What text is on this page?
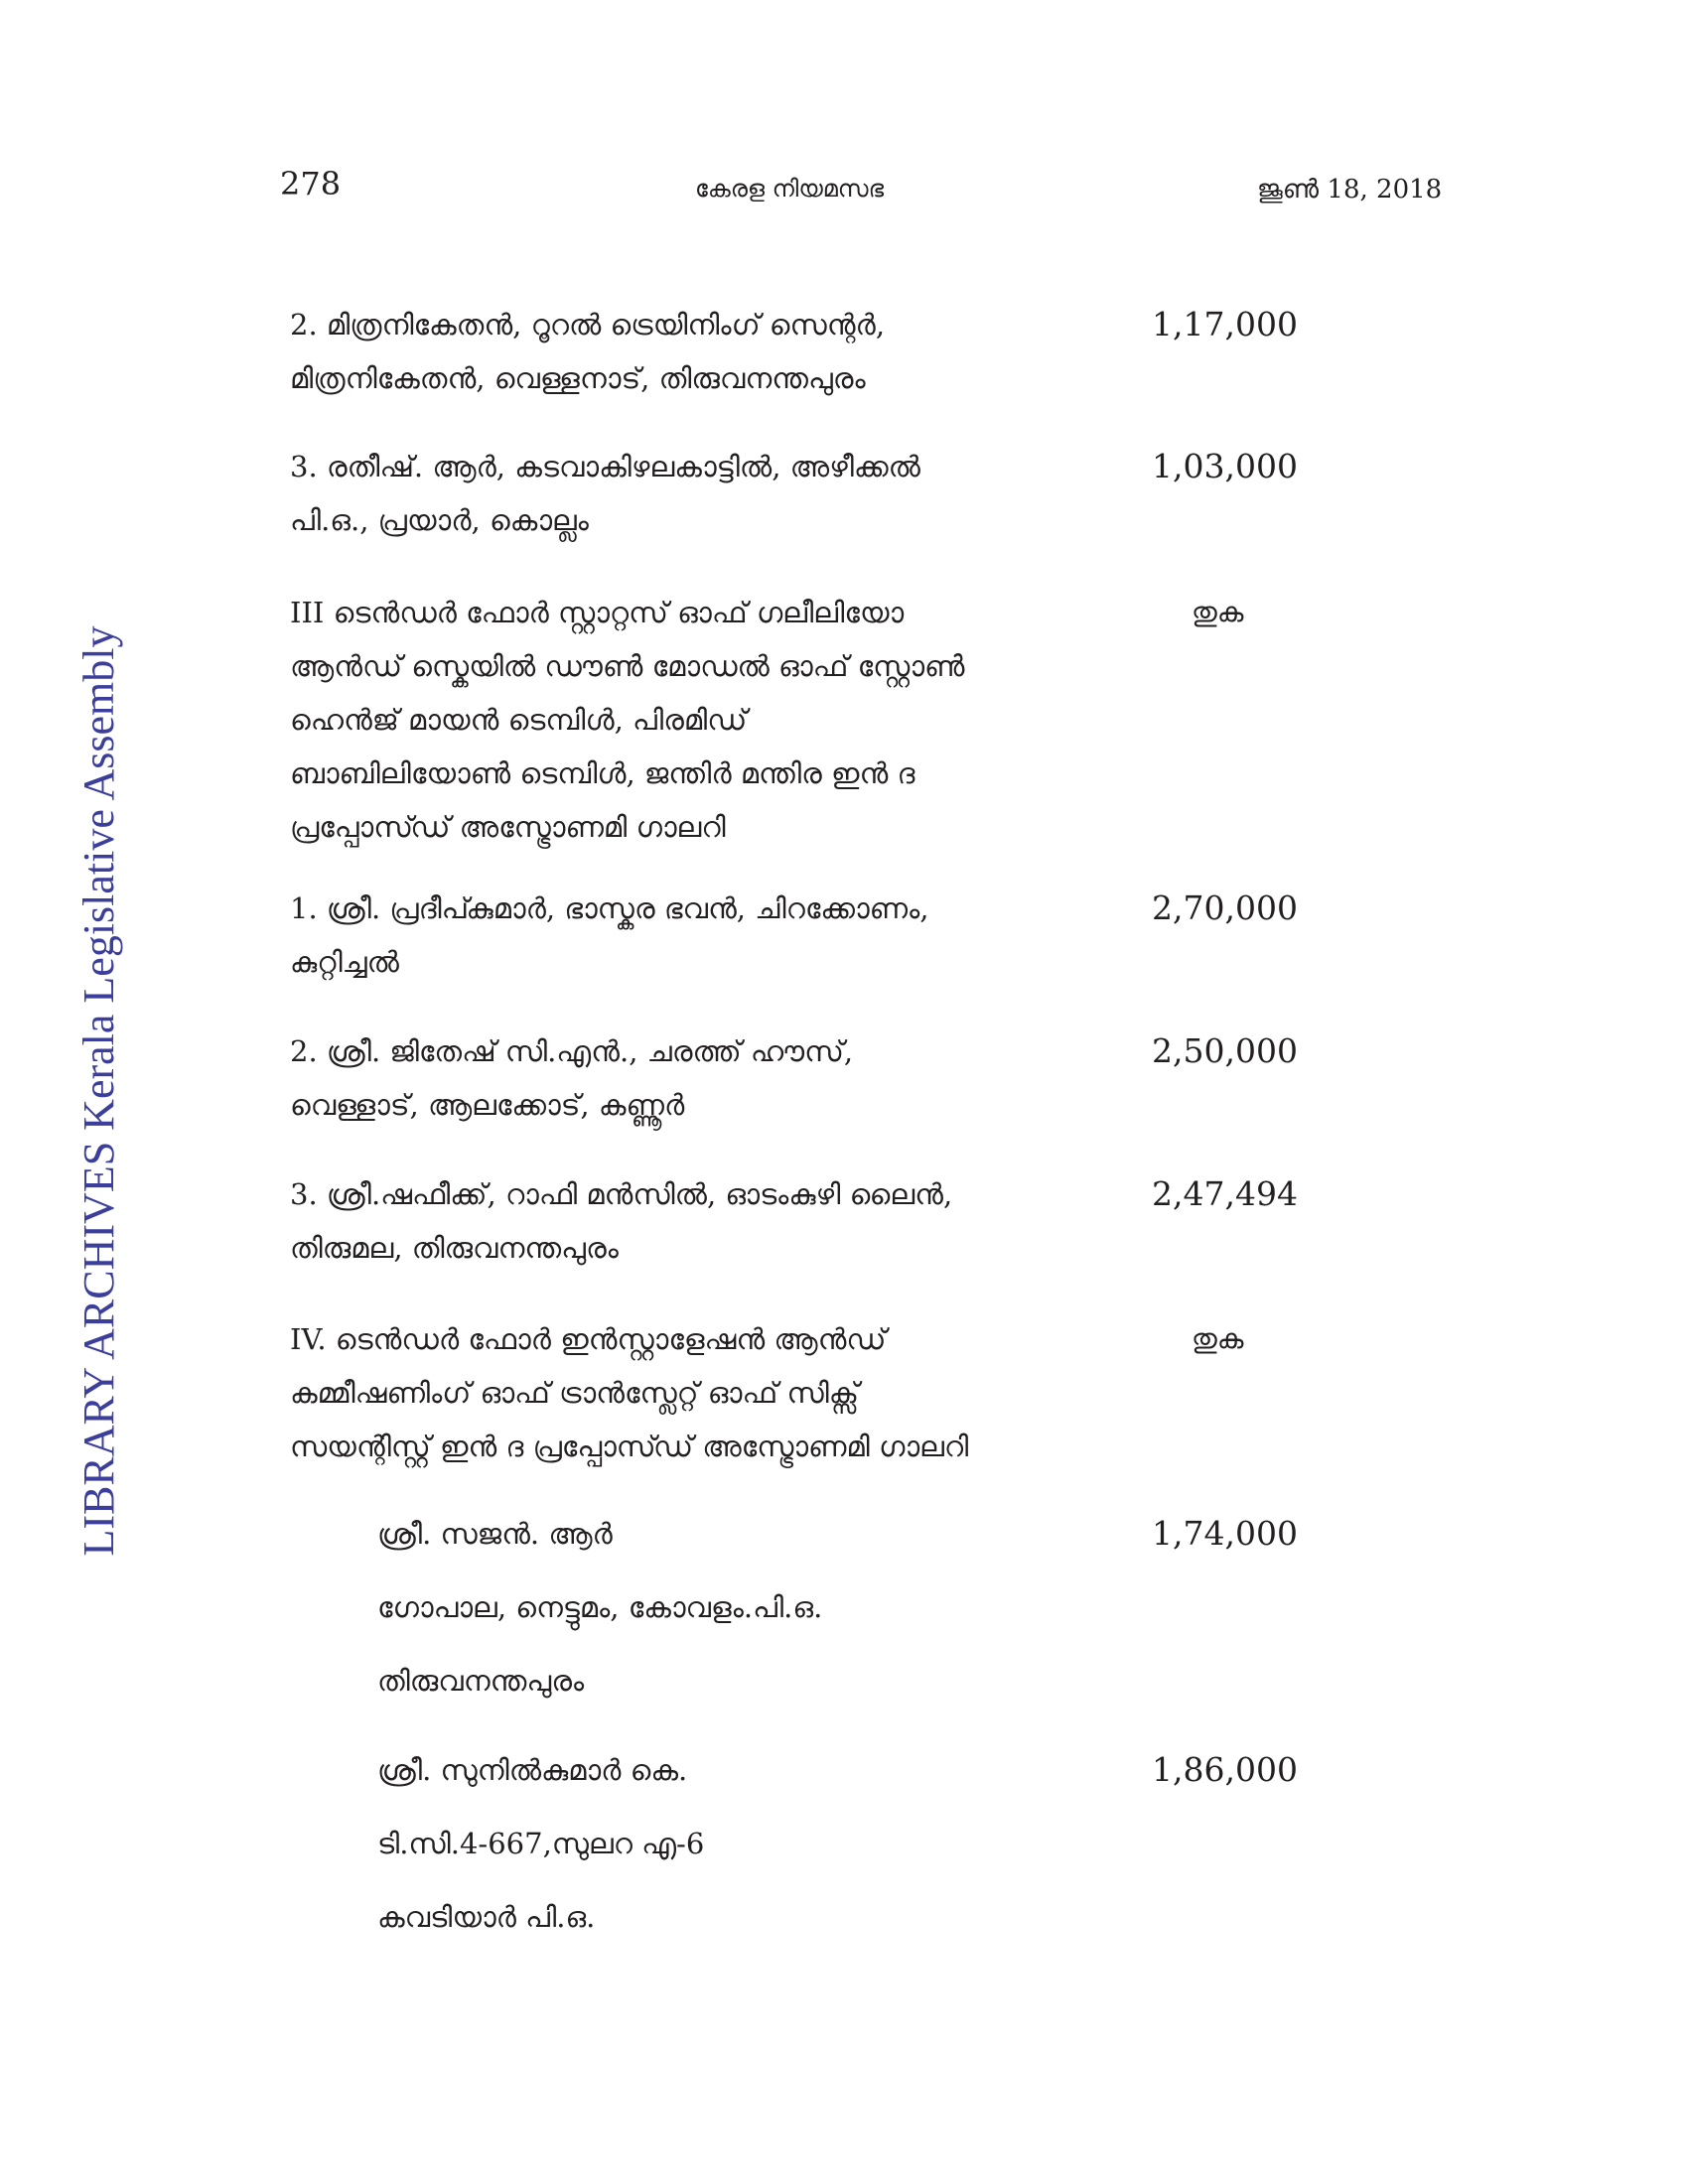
LIBRARY ARCHIVES Kerala Legislative Assembly
278	കേരള നിയമസഭ	ജൂൺ 18, 2018
2. മിത്രനികേതൻ, റൂറൽ ട്രെയിനിംഗ് സെന്റർ,
മിത്രനികേതൻ, വെള്ളനാട്, തിരുവനന്തപുരം
1,17,000
3. രതീഷ്. ആർ, കടവാകിഴലകാട്ടിൽ, അഴീക്കൽ
പി.ഒ., പ്രയാർ, കൊല്ലം
1,03,000
III ടെൻഡർ ഫോർ സ്റ്റാറ്റസ് ഓഫ് ഗലീലിയോ
ആൻഡ് സ്കെയിൽ ഡൗൺ മോഡൽ ഓഫ് സ്റ്റോൺ
ഹെൻജ് മായൻ ടെമ്പിൾ, പിരമിഡ്
ബാബിലിയോൺ ടെമ്പിൾ, ജന്തിർ മന്തിര ഇൻ ദ
പ്രപ്പോസ്ഡ് അസ്ട്രോണമി ഗാലറി
തുക
1. ശ്രീ. പ്രദീപ്കുമാർ, ഭാസ്കര ഭവൻ, ചിറക്കോണം,
കുറ്റിച്ചൽ
2,70,000
2. ശ്രീ. ജിതേഷ് സി.എൻ., ചരത്ത് ഹൗസ്,
വെള്ളാട്, ആലക്കോട്, കണ്ണൂർ
2,50,000
3. ശ്രീ.ഷഫീക്ക്, റാഫി മൻസിൽ, ഓടംകുഴി ലൈൻ,
തിരുമല, തിരുവനന്തപുരം
2,47,494
IV. ടെൻഡർ ഫോർ ഇൻസ്റ്റാളേഷൻ ആൻഡ്
കമ്മീഷണിംഗ് ഓഫ് ട്രാൻസ്ലേറ്റ് ഓഫ് സിക്സ്
സയന്റിസ്റ്റ് ഇൻ ദ പ്രപ്പോസ്ഡ് അസ്ട്രോണമി ഗാലറി
തുക
ശ്രീ. സജൻ. ആർ
ഗോപാല, നെട്ടുമം, കോവളം.പി.ഒ.
തിരുവനന്തപുരം
1,74,000
ശ്രീ. സുനിൽകുമാർ കെ.
ടി.സി.4-667,സുലറ എ-6
കവടിയാർ പി.ഒ.
1,86,000
